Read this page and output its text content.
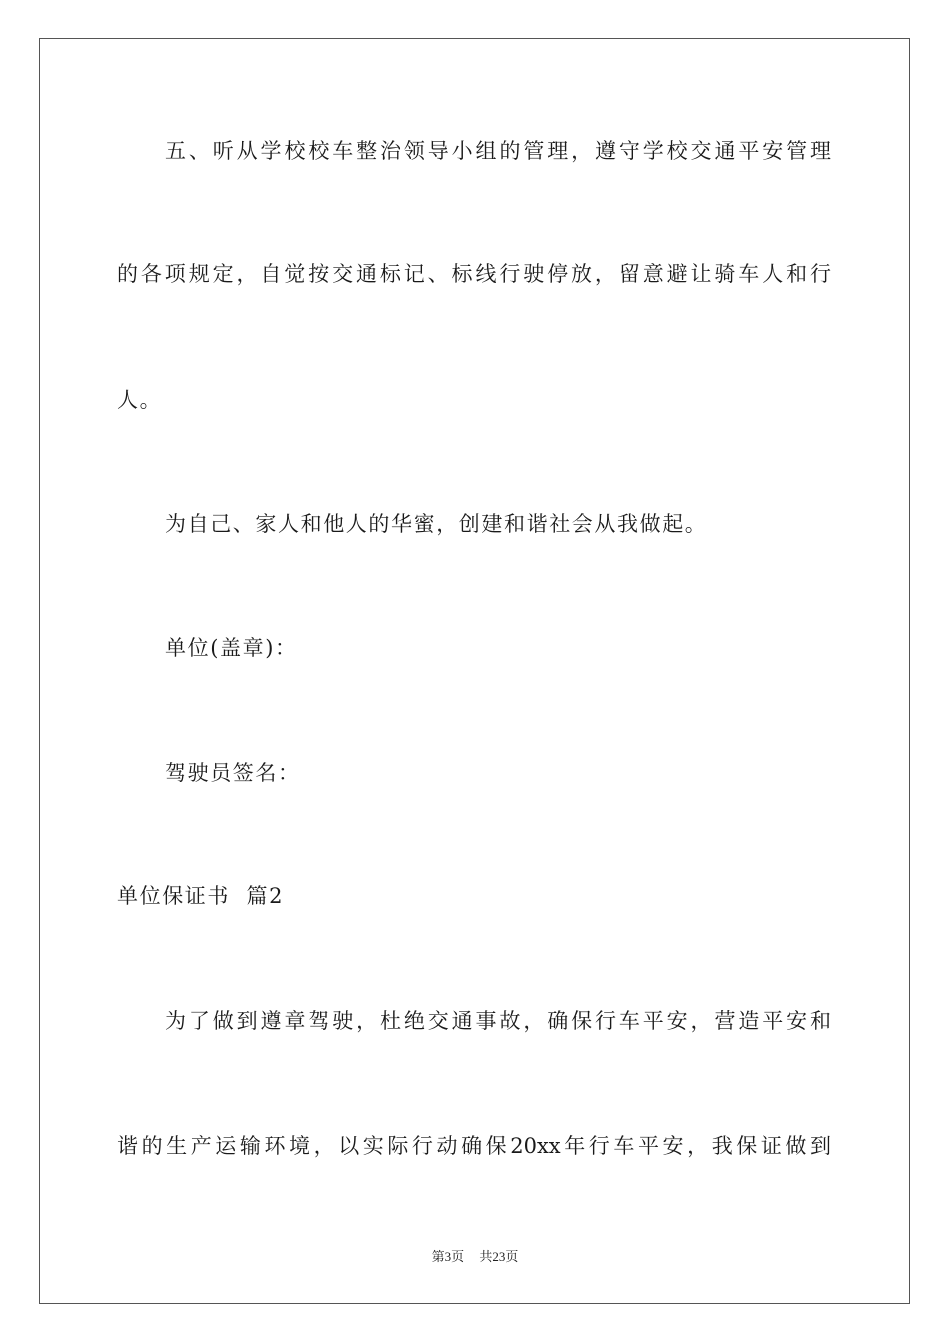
五、听从学校校车整治领导小组的管理，遵守学校交通平安管理
的各项规定，自觉按交通标记、标线行驶停放，留意避让骑车人和行
人。
为自己、家人和他人的华蜜，创建和谐社会从我做起。
单位(盖章)：
驾驶员签名：
单位保证书  篇2
为了做到遵章驾驶，杜绝交通事故，确保行车平安，营造平安和
谐的生产运输环境，以实际行动确保20xx年行车平安，我保证做到
第3页 共23页
